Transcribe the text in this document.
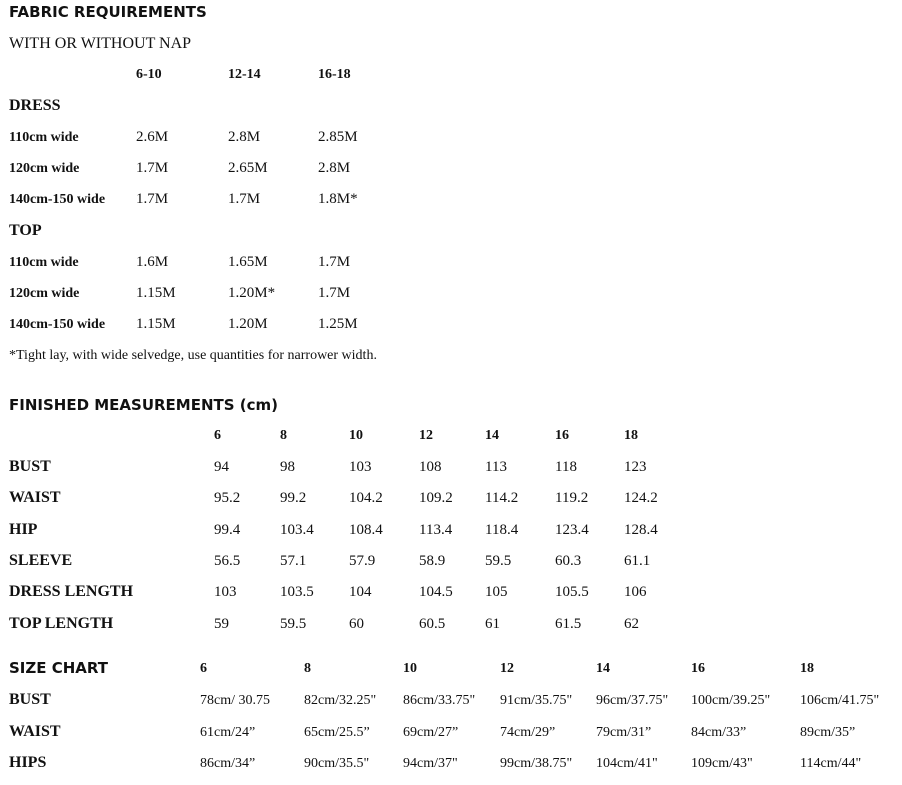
FABRIC REQUIREMENTS
WITH OR WITHOUT NAP
6-10	12-14	16-18
DRESS
110cm wide	2.6M	2.8M	2.85M
120cm wide	1.7M	2.65M	2.8M
140cm-150 wide 1.7M	1.7M	1.8M*
TOP
110cm wide	1.6M	1.65M	1.7M
120cm wide	1.15M	1.20M*	1.7M
140cm-150 wide 1.15M	1.20M	1.25M
*Tight lay, with wide selvedge, use quantities for narrower width.
FINISHED MEASUREMENTS (cm)
6	8	10	12	14	16	18
BUST	94	98	103	108	113	118	123
WAIST	95.2	99.2	104.2 109.2 114.2 119.2 124.2
HIP	99.4	103.4 108.4 113.4 118.4 123.4 128.4
SLEEVE	56.5	57.1	57.9	58.9	59.5	60.3	61.1
DRESS LENGTH	103	103.5 104	104.5 105	105.5 106
TOP LENGTH	59	59.5	60	60.5	61	61.5	62
SIZE CHART	6	8	10	12	14	16	18
BUST	78cm/ 30.75 82cm/32.25" 86cm/33.75" 91cm/35.75" 96cm/37.75" 100cm/39.25" 106cm/41.75"
WAIST	61cm/24”	65cm/25.5” 69cm/27”	74cm/29”	79cm/31”	84cm/33”	89cm/35”
HIPS	86cm/34”	90cm/35.5" 94cm/37"	99cm/38.75" 104cm/41" 109cm/43"	114cm/44"
